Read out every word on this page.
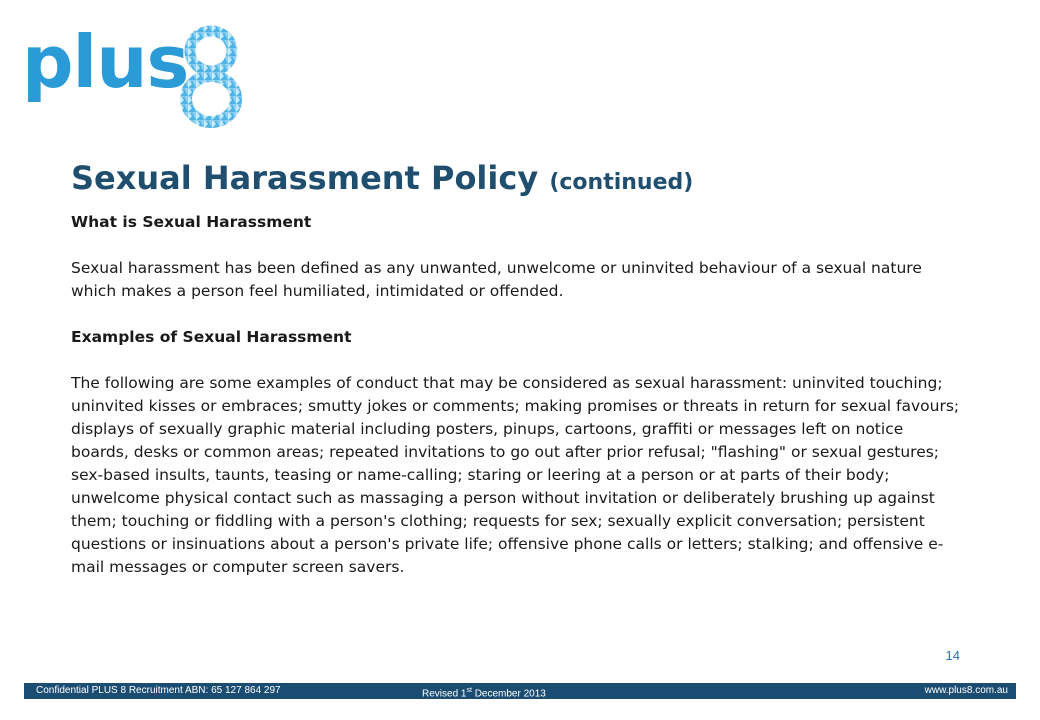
plus
Sexual Harassment Policy (continued)

What is Sexual Harassment

Sexual harassment has been defined as any unwanted, unwelcome or uninvited behaviour of a sexual nature which makes a person feel humiliated, intimidated or offended.

Examples of Sexual Harassment

The following are some examples of conduct that may be considered as sexual harassment: uninvited touching; uninvited kisses or embraces; smutty jokes or comments; making promises or threats in return for sexual favours; displays of sexually graphic material including posters, pinups, cartoons, graffiti or messages left on notice boards, desks or common areas; repeated invitations to go out after prior refusal; "flashing" or sexual gestures; sex-based insults, taunts, teasing or name-calling; staring or leering at a person or at parts of their body; unwelcome physical contact such as massaging a person without invitation or deliberately brushing up against them; touching or fiddling with a person's clothing; requests for sex; sexually explicit conversation; persistent questions or insinuations about a person's private life; offensive phone calls or letters; stalking; and offensive e-mail messages or computer screen savers.

14
Confidential PLUS 8 Recruitment ABN: 65 127 864 297	Revised 1st December 2013	www.plus8.com.au
